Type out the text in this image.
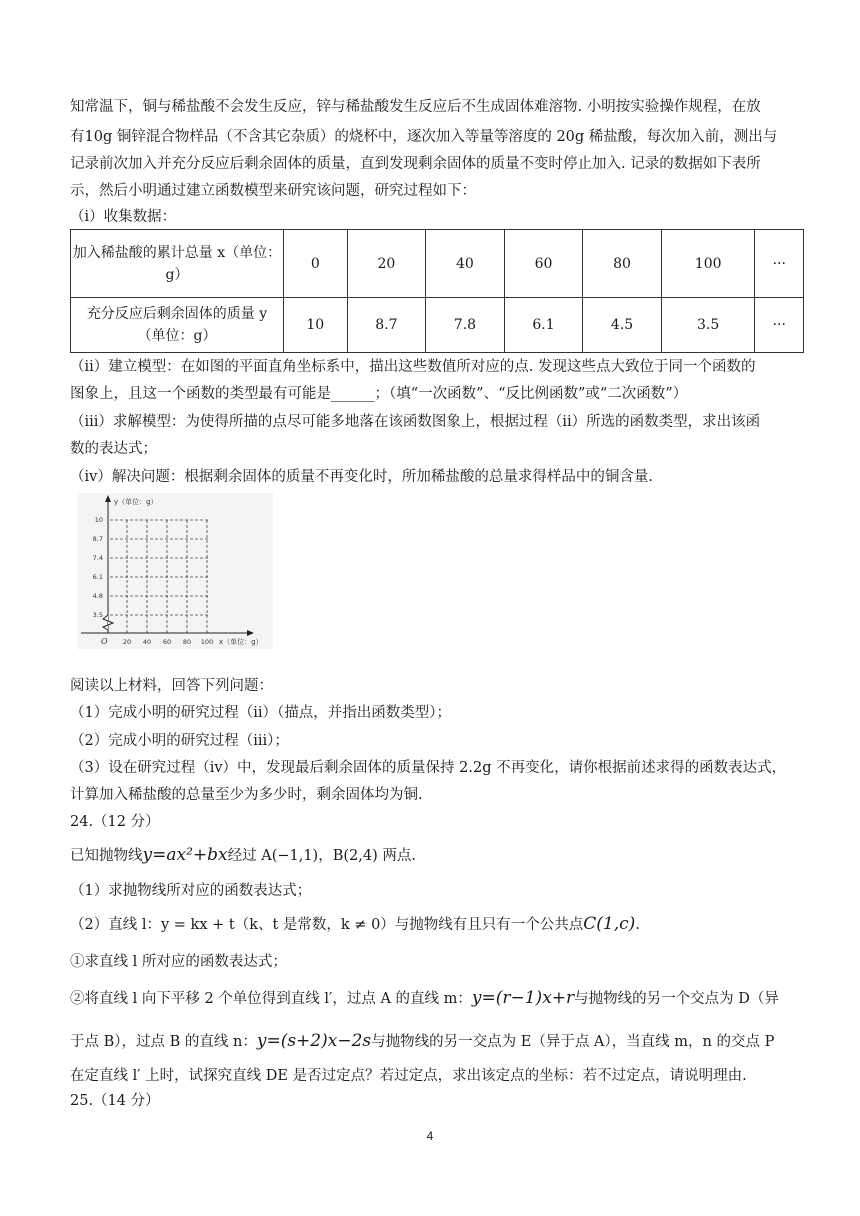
知常温下，铜与稀盐酸不会发生反应，锌与稀盐酸发生反应后不生成固体难溶物. 小明按实验操作规程，在放
有10g 铜锌混合物样品（不含其它杂质）的烧杯中，逐次加入等量等溶度的 20g 稀盐酸，每次加入前，测出与
记录前次加入并充分反应后剩余固体的质量，直到发现剩余固体的质量不变时停止加入. 记录的数据如下表所
示，然后小明通过建立函数模型来研究该问题，研究过程如下：
（ⅰ）收集数据：
加入稀盐酸的累计总量 x（单位：
g）	0	20	40	60	80	100	···

充分反应后剩余固体的质量 y
（单位：g）	10	8.7	7.8	6.1	4.5	3.5	···
（ⅱ）建立模型：在如图的平面直角坐标系中，描出这些数值所对应的点. 发现这些点大致位于同一个函数的
图象上，且这一个函数的类型最有可能是______；（填“一次函数”、“反比例函数”或“二次函数”）
（ⅲ）求解模型：为使得所描的点尽可能多地落在该函数图象上，根据过程（ⅱ）所选的函数类型，求出该函
数的表达式；
（ⅳ）解决问题：根据剩余固体的质量不再变化时，所加稀盐酸的总量求得样品中的铜含量.
y（单位：g）
10
8.7
7.4
6.1
4.8
3.5
O 20 40 60 80 100 x（单位：g）
阅读以上材料，回答下列问题：
（1）完成小明的研究过程（ⅱ）（描点，并指出函数类型）；
（2）完成小明的研究过程（ⅲ）；
（3）设在研究过程（ⅳ）中，发现最后剩余固体的质量保持 2.2g 不再变化，请你根据前述求得的函数表达式，
计算加入稀盐酸的总量至少为多少时，剩余固体均为铜.
24.（12 分）
已知抛物线y=ax²+bx经过 A(−1,1)，B(2,4) 两点.
（1）求抛物线所对应的函数表达式；
（2）直线 l：y = kx + t（k、t 是常数，k ≠ 0）与抛物线有且只有一个公共点C(1,c).
①求直线 l 所对应的函数表达式；
②将直线 l 向下平移 2 个单位得到直线 l′，过点 A 的直线 m：y=(r−1)x+r与抛物线的另一个交点为 D（异
于点 B），过点 B 的直线 n：y=(s+2)x−2s与抛物线的另一交点为 E（异于点 A），当直线 m，n 的交点 P
在定直线 l′ 上时，试探究直线 DE 是否过定点？若过定点，求出该定点的坐标：若不过定点，请说明理由.
25.（14 分）
4
